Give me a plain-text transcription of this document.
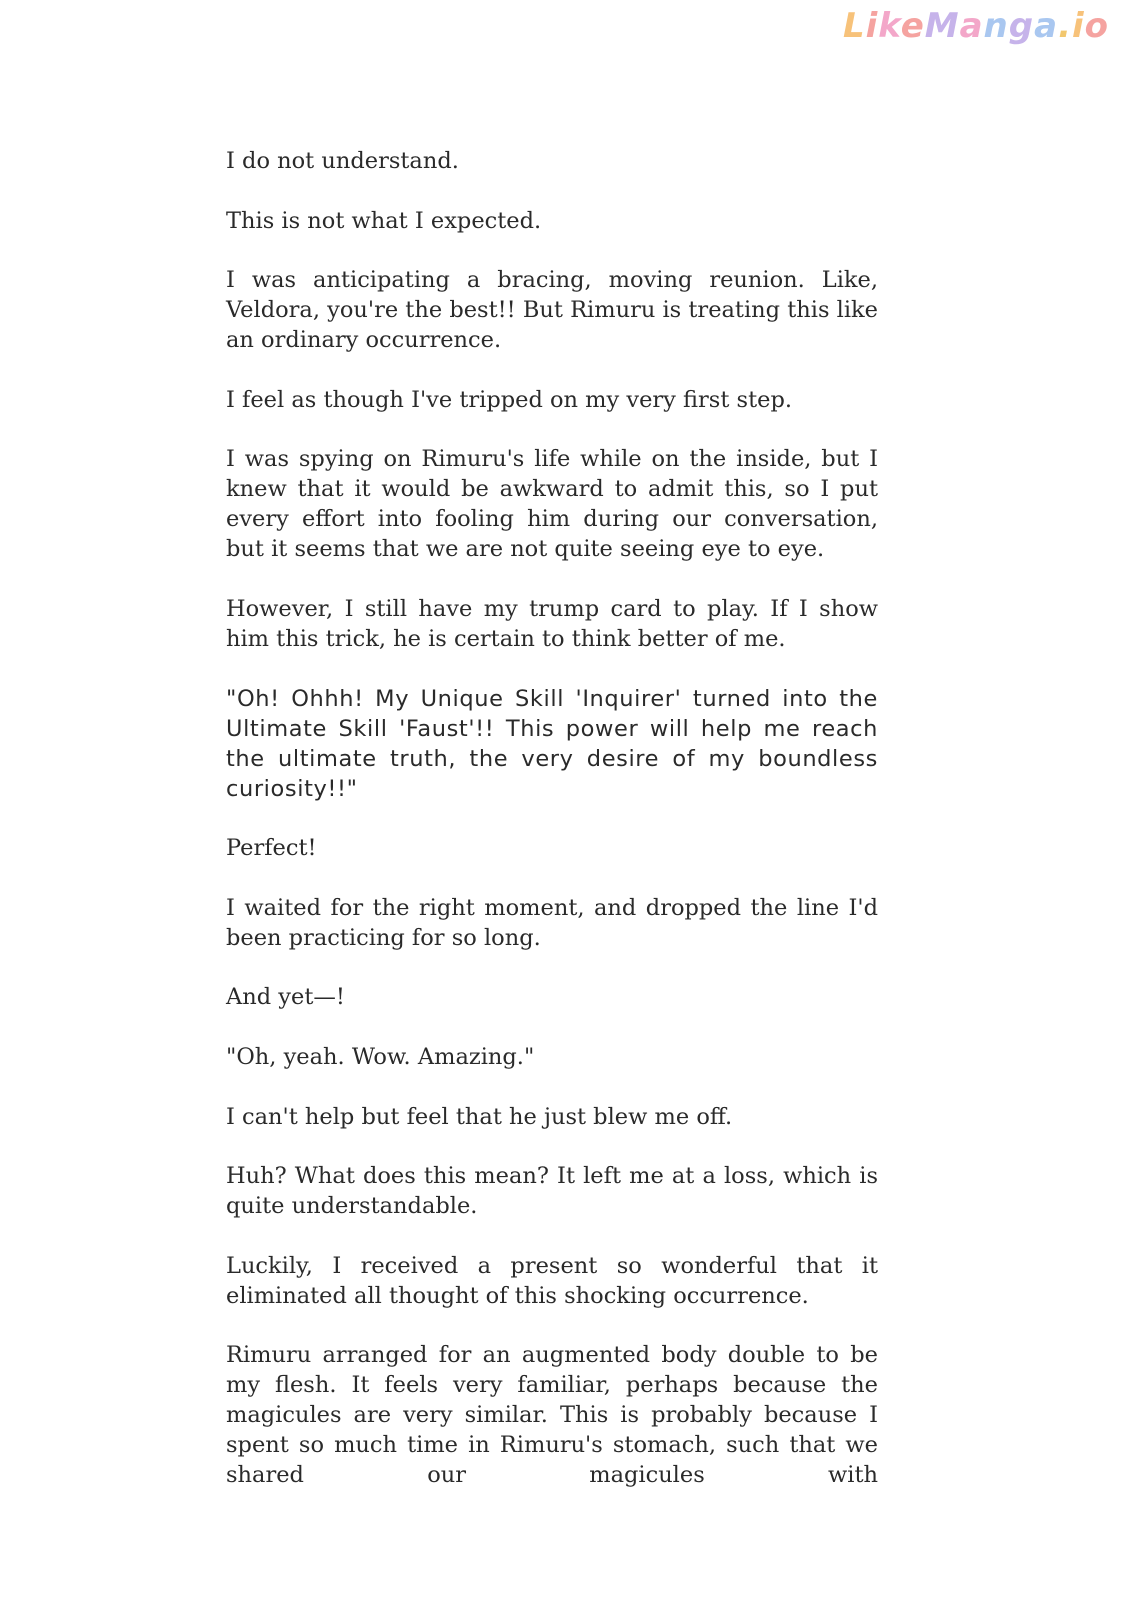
LikeManga.io

I do not understand.

This is not what I expected.

I was anticipating a bracing, moving reunion. Like, Veldora, you're the best!! But Rimuru is treating this like an ordinary occurrence.

I feel as though I've tripped on my very first step.

I was spying on Rimuru's life while on the inside, but I knew that it would be awkward to admit this, so I put every effort into fooling him during our conversation, but it seems that we are not quite seeing eye to eye.

However, I still have my trump card to play. If I show him this trick, he is certain to think better of me.

"Oh! Ohhh! My Unique Skill 'Inquirer' turned into the Ultimate Skill 'Faust'!! This power will help me reach the ultimate truth, the very desire of my boundless curiosity!!"

Perfect!

I waited for the right moment, and dropped the line I'd been practicing for so long.

And yet—!

"Oh, yeah. Wow. Amazing."

I can't help but feel that he just blew me off.

Huh? What does this mean? It left me at a loss, which is quite understandable.

Luckily, I received a present so wonderful that it eliminated all thought of this shocking occurrence.

Rimuru arranged for an augmented body double to be my flesh. It feels very familiar, perhaps because the magicules are very similar. This is probably because I spent so much time in Rimuru's stomach, such that we shared our magicules with
